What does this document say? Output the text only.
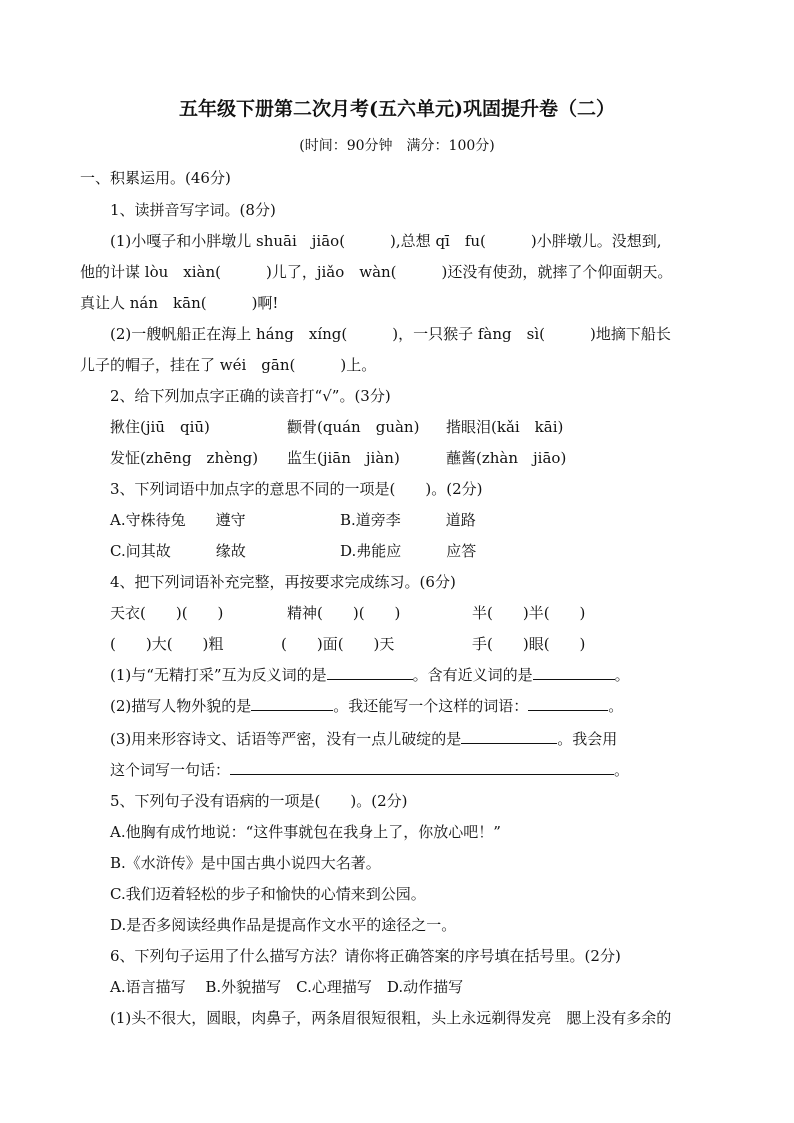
五年级下册第二次月考(五六单元)巩固提升卷（二）
(时间：90分钟　满分：100分)
一、积累运用。(46分)
1、读拼音写字词。(8分)
(1)小嘎子和小胖墩儿 shuāi　jiāo(　　　),总想 qī　fu(　　　)小胖墩儿。没想到,
他的计谋 lòu　xiàn(　　　)儿了，jiǎo　wàn(　　　)还没有使劲，就摔了个仰面朝天。
真让人 nán　kān(　　　)啊!
(2)一艘帆船正在海上 háng　xíng(　　　)，一只猴子 fàng　sì(　　　)地摘下船长
儿子的帽子，挂在了 wéi　gān(　　　)上。
2、给下列加点字正确的读音打“√”。(3分)
揪住(jiū　qiū)	颧骨(quán　guàn) 揩眼泪(kǎi　kāi)
发怔(zhēng　zhèng) 监生(jiān　jiàn)	蘸酱(zhàn　jiāo)
3、下列词语中加点字的意思不同的一项是(　　)。(2分)
A.守株待兔　　遵守	B.道旁李　　　道路
C.问其故　　　缘故	D.弗能应　　　应答
4、把下列词语补充完整，再按要求完成练习。(6分)
天衣(　　)(　　)	精神(　　)(　　)	半(　　)半(　　)
(　　)大(　　)粗	(　　)面(　　)天	手(　　)眼(　　)
(1)与“无精打采”互为反义词的是	。含有近义词的是	。
(2)描写人物外貌的是	。我还能写一个这样的词语：	。
(3)用来形容诗文、话语等严密，没有一点儿破绽的是	。我会用
这个词写一句话：	。
5、下列句子没有语病的一项是(　　)。(2分)
A.他胸有成竹地说：“这件事就包在我身上了，你放心吧！”
B.《水浒传》是中国古典小说四大名著。
C.我们迈着轻松的步子和愉快的心情来到公园。
D.是否多阅读经典作品是提高作文水平的途径之一。
6、下列句子运用了什么描写方法？请你将正确答案的序号填在括号里。(2分)
A.语言描写　 B.外貌描写　C.心理描写　D.动作描写
(1)头不很大，圆眼，肉鼻子，两条眉很短很粗，头上永远剃得发亮　腮上没有多余的
